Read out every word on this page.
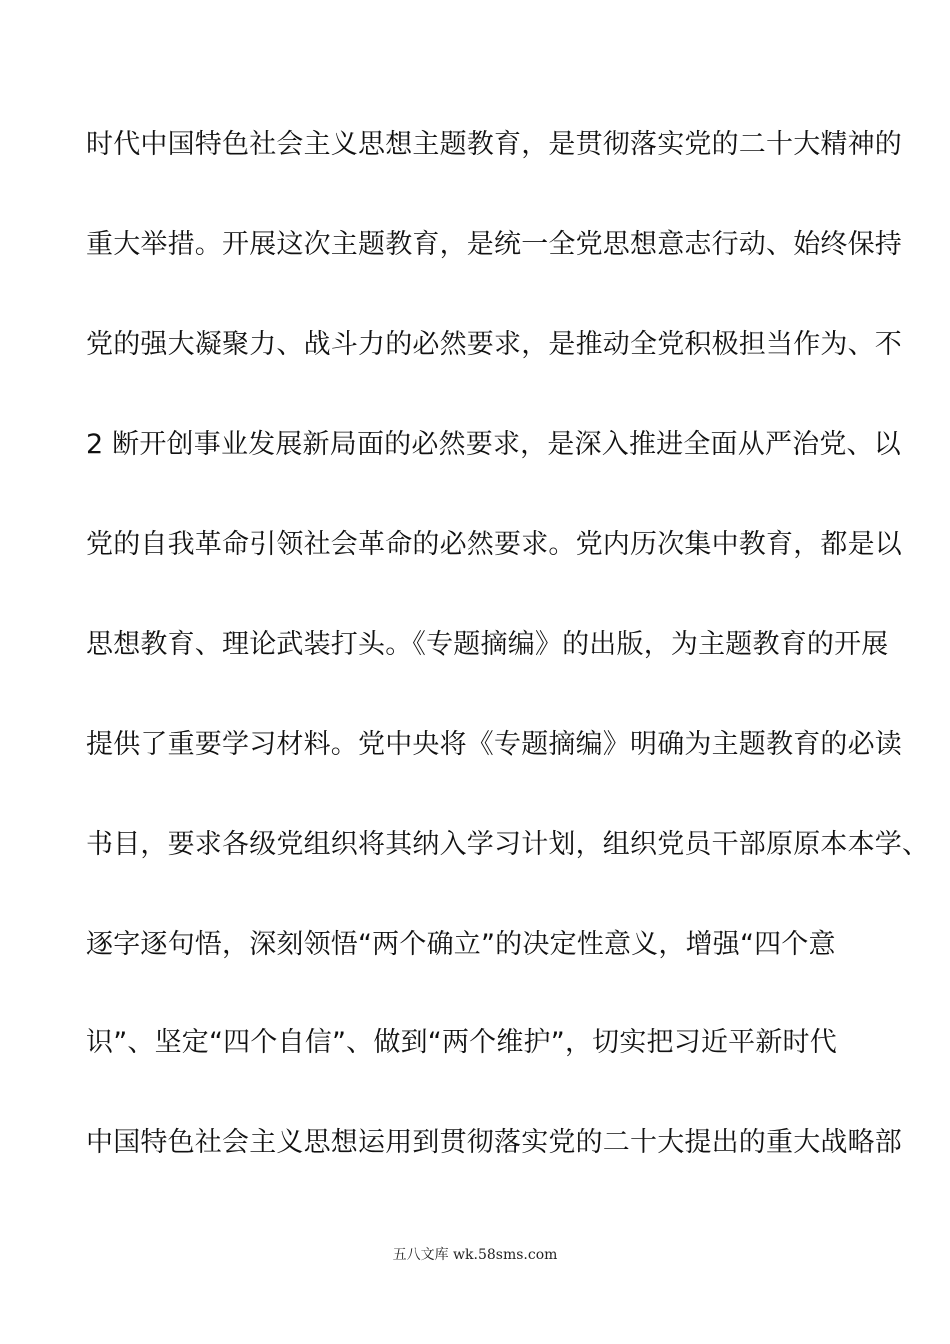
时代中国特色社会主义思想主题教育，是贯彻落实党的二十大精神的
重大举措。开展这次主题教育，是统一全党思想意志行动、始终保持
党的强大凝聚力、战斗力的必然要求，是推动全党积极担当作为、不
2 断开创事业发展新局面的必然要求，是深入推进全面从严治党、以
党的自我革命引领社会革命的必然要求。党内历次集中教育，都是以
思想教育、理论武装打头。《专题摘编》的出版，为主题教育的开展
提供了重要学习材料。党中央将《专题摘编》明确为主题教育的必读
书目，要求各级党组织将其纳入学习计划，组织党员干部原原本本学、
逐字逐句悟，深刻领悟“两个确立”的决定性意义，增强“四个意
识”、坚定“四个自信”、做到“两个维护”，切实把习近平新时代
中国特色社会主义思想运用到贯彻落实党的二十大提出的重大战略部
五八文库 wk.58sms.com
